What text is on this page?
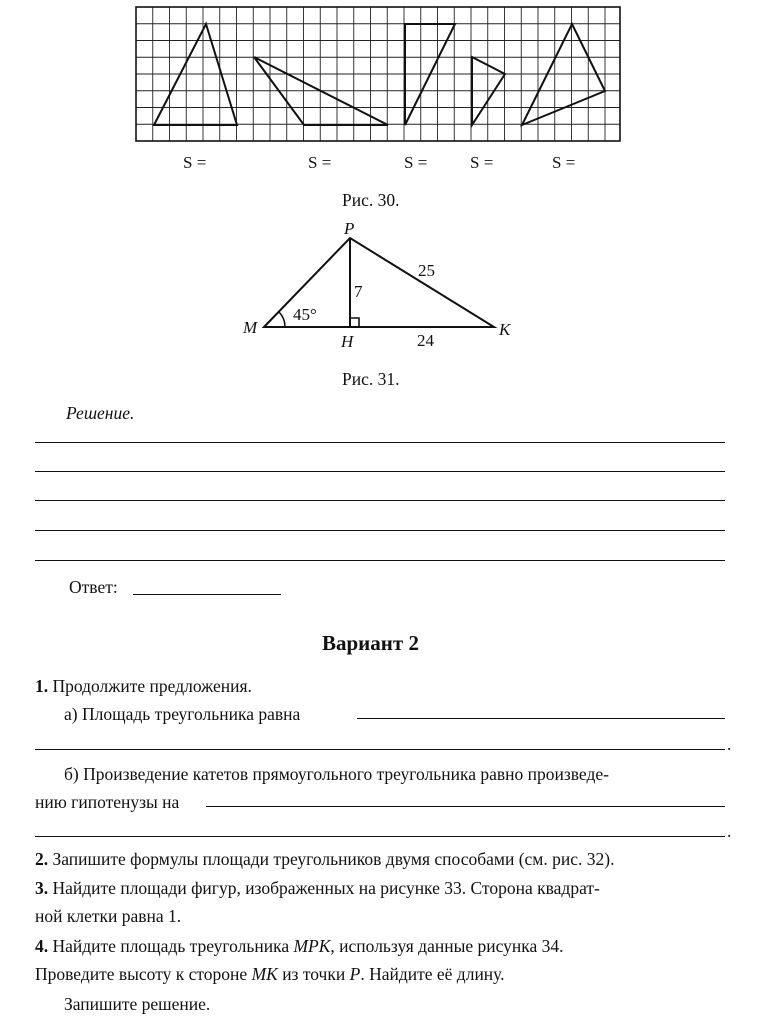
S =	S =	S =	S =	S =
Рис. 30.
P
M
H
K
45°
7
25
24
Рис. 31.
Решение.
Ответ:
Вариант 2
1. Продолжите предложения.
а) Площадь треугольника равна
.
б) Произведение катетов прямоугольного треугольника равно произведе-
нию гипотенузы на
.
2. Запишите формулы площади треугольников двумя способами (см. рис. 32).
3. Найдите площади фигур, изображенных на рисунке 33. Сторона квадрат-
ной клетки равна 1.
4. Найдите площадь треугольника MPK, используя данные рисунка 34.
Проведите высоту к стороне MK из точки P. Найдите её длину.
Запишите решение.
